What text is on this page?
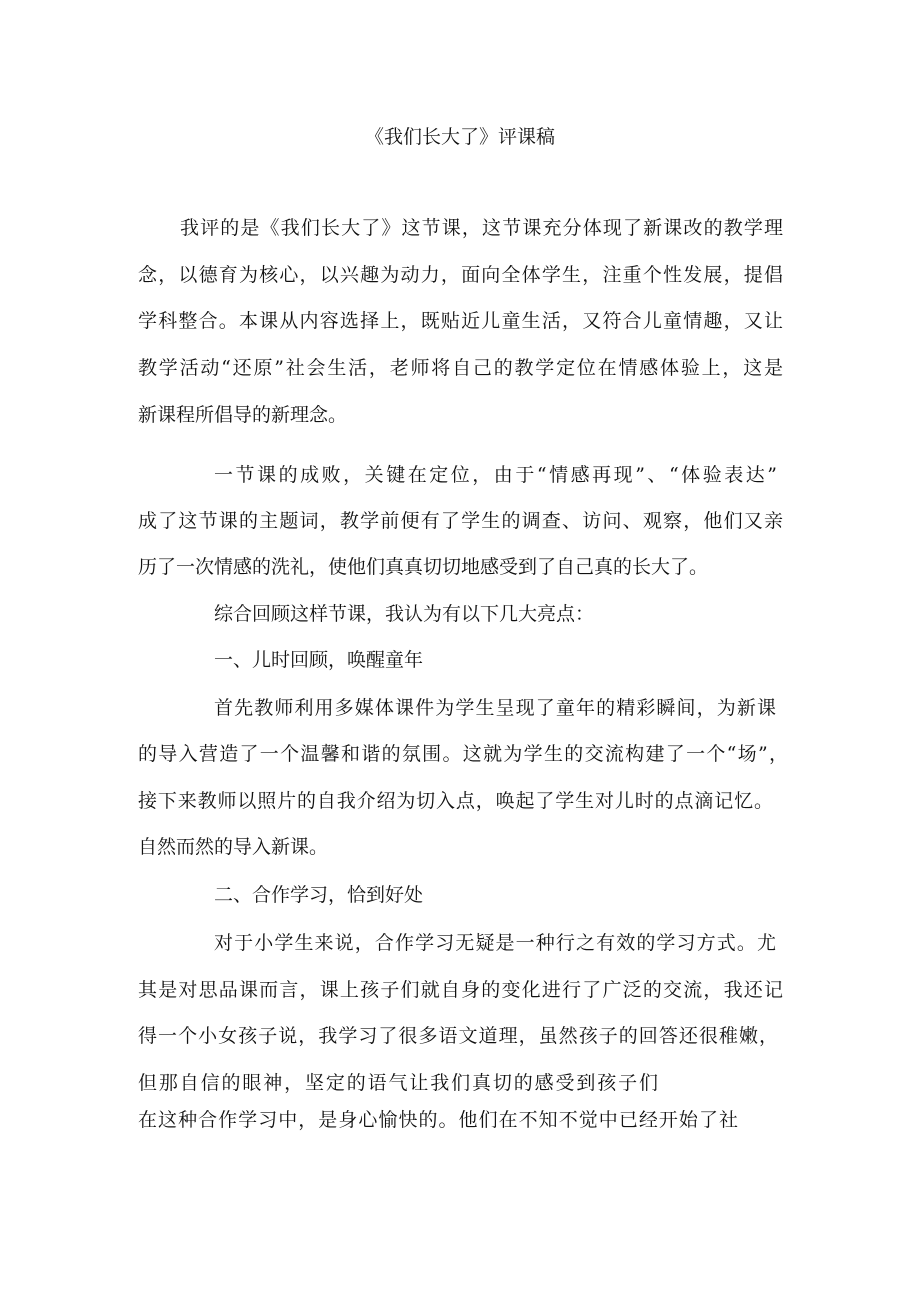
《我们长大了》评课稿
我评的是《我们长大了》这节课，这节课充分体现了新课改的教学理
念，以德育为核心，以兴趣为动力，面向全体学生，注重个性发展，提倡
学科整合。本课从内容选择上，既贴近儿童生活，又符合儿童情趣，又让
教学活动“还原”社会生活，老师将自己的教学定位在情感体验上，这是
新课程所倡导的新理念。
一节课的成败，关键在定位，由于“情感再现”、“体验表达”
成了这节课的主题词，教学前便有了学生的调查、访问、观察，他们又亲
历了一次情感的洗礼，使他们真真切切地感受到了自己真的长大了。
综合回顾这样节课，我认为有以下几大亮点：
一、儿时回顾，唤醒童年
首先教师利用多媒体课件为学生呈现了童年的精彩瞬间，为新课
的导入营造了一个温馨和谐的氛围。这就为学生的交流构建了一个“场”，
接下来教师以照片的自我介绍为切入点，唤起了学生对儿时的点滴记忆。
自然而然的导入新课。
二、合作学习，恰到好处
对于小学生来说，合作学习无疑是一种行之有效的学习方式。尤
其是对思品课而言，课上孩子们就自身的变化进行了广泛的交流，我还记
得一个小女孩子说，我学习了很多语文道理，虽然孩子的回答还很稚嫩，
但那自信的眼神，坚定的语气让我们真切的感受到孩子们
在这种合作学习中，是身心愉快的。他们在不知不觉中已经开始了社
